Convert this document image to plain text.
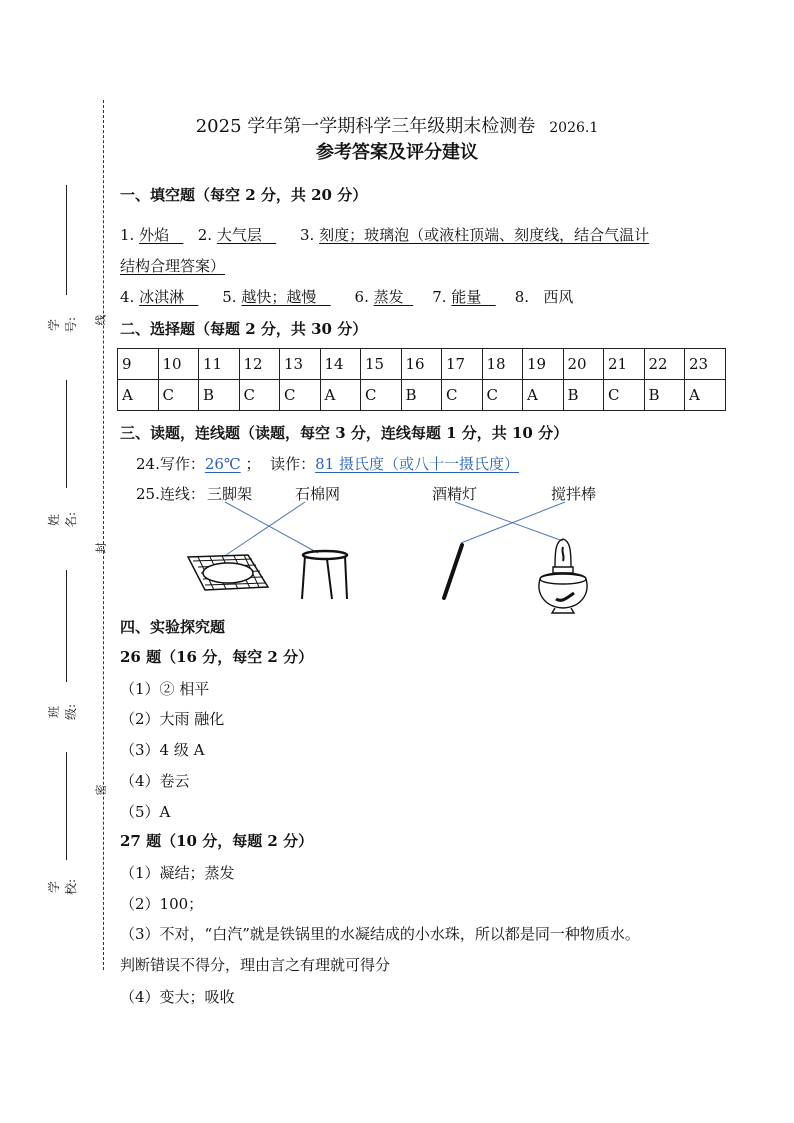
学号:
姓名:
班级:
学校:
线
封
密
2025 学年第一学期科学三年级期末检测卷 2026.1
参考答案及评分建议
一、填空题（每空 2 分，共 20 分）
1. 外焰 2. 大气层	3. 刻度；玻璃泡（或液柱顶端、刻度线，结合气温计
结构合理答案）
4. 冰淇淋	5. 越快；越慢	6. 蒸发 7. 能量 8. 西风
二、选择题（每题 2 分，共 30 分）
9	10	11	12	13	14	15	16	17	18	19	20	21	22	23
A	C	B	C	C	A	C	B	C	C	A	B	C	B	A
三、读题，连线题（读题，每空 3 分，连线每题 1 分，共 10 分）
24.写作：26℃ ； 读作：81 摄氏度（或八十一摄氏度）
25.连线： 三脚架	石棉网	酒精灯	搅拌棒
四、实验探究题
26 题（16 分，每空 2 分）
（1）② 相平
（2）大雨 融化
（3）4 级 A
（4）卷云
（5）A
27 题（10 分，每题 2 分）
（1）凝结；蒸发
（2）100；
（3）不对，“白汽”就是铁锅里的水凝结成的小水珠，所以都是同一种物质水。
判断错误不得分，理由言之有理就可得分
（4）变大；吸收
